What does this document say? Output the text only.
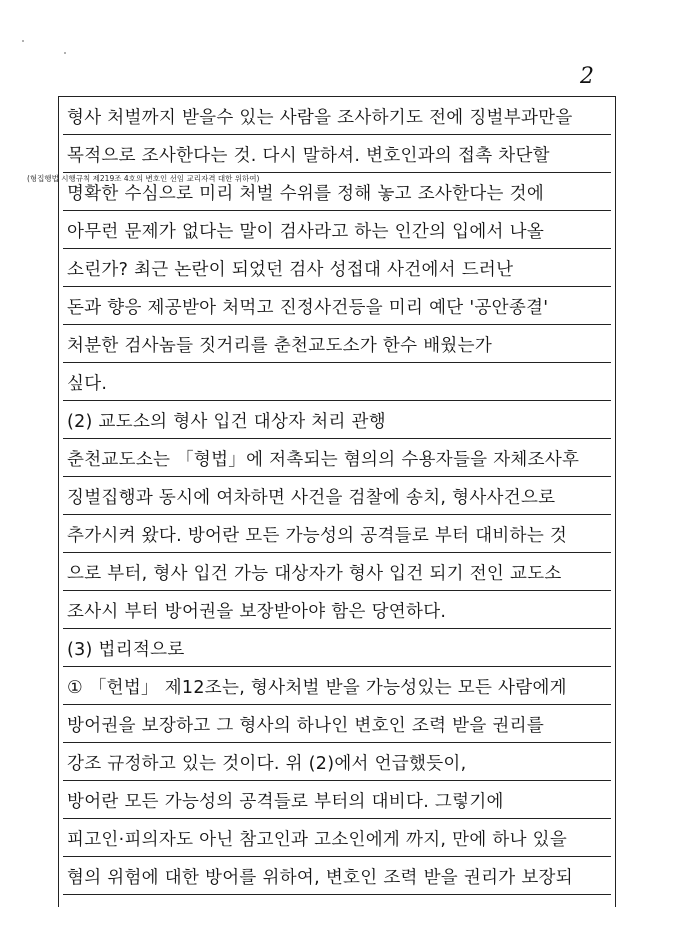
2
(형집행법 시행규칙 제219조 4호의 변호인 선임 교리자격 대한 위하여)
형사 처벌까지 받을수 있는 사람을 조사하기도 전에 징벌부과만을
목적으로 조사한다는 것. 다시 말하셔. 변호인과의 접촉 차단할
명확한 수심으로 미리 처벌 수위를 정해 놓고 조사한다는 것에
아무런 문제가 없다는 말이 검사라고 하는 인간의 입에서 나올
소린가? 최근 논란이 되었던 검사 성접대 사건에서 드러난
돈과 향응 제공받아 처먹고 진정사건등을 미리 예단 '공안종결'
처분한 검사놈들 짓거리를 춘천교도소가 한수 배웠는가
싶다.
(2) 교도소의 형사 입건 대상자 처리 관행
춘천교도소는 「형법」에 저촉되는 혐의의 수용자들을 자체조사후
징벌집행과 동시에 여차하면 사건을 검찰에 송치, 형사사건으로
추가시켜 왔다. 방어란 모든 가능성의 공격들로 부터 대비하는 것
으로 부터, 형사 입건 가능 대상자가 형사 입건 되기 전인 교도소
조사시 부터 방어권을 보장받아야 함은 당연하다.
(3) 법리적으로
① 「헌법」 제12조는, 형사처벌 받을 가능성있는 모든 사람에게
방어권을 보장하고 그 형사의 하나인 변호인 조력 받을 권리를
강조 규정하고 있는 것이다. 위 (2)에서 언급했듯이,
방어란 모든 가능성의 공격들로 부터의 대비다. 그렇기에
피고인·피의자도 아닌 참고인과 고소인에게 까지, 만에 하나 있을
혐의 위험에 대한 방어를 위하여, 변호인 조력 받을 권리가 보장되
